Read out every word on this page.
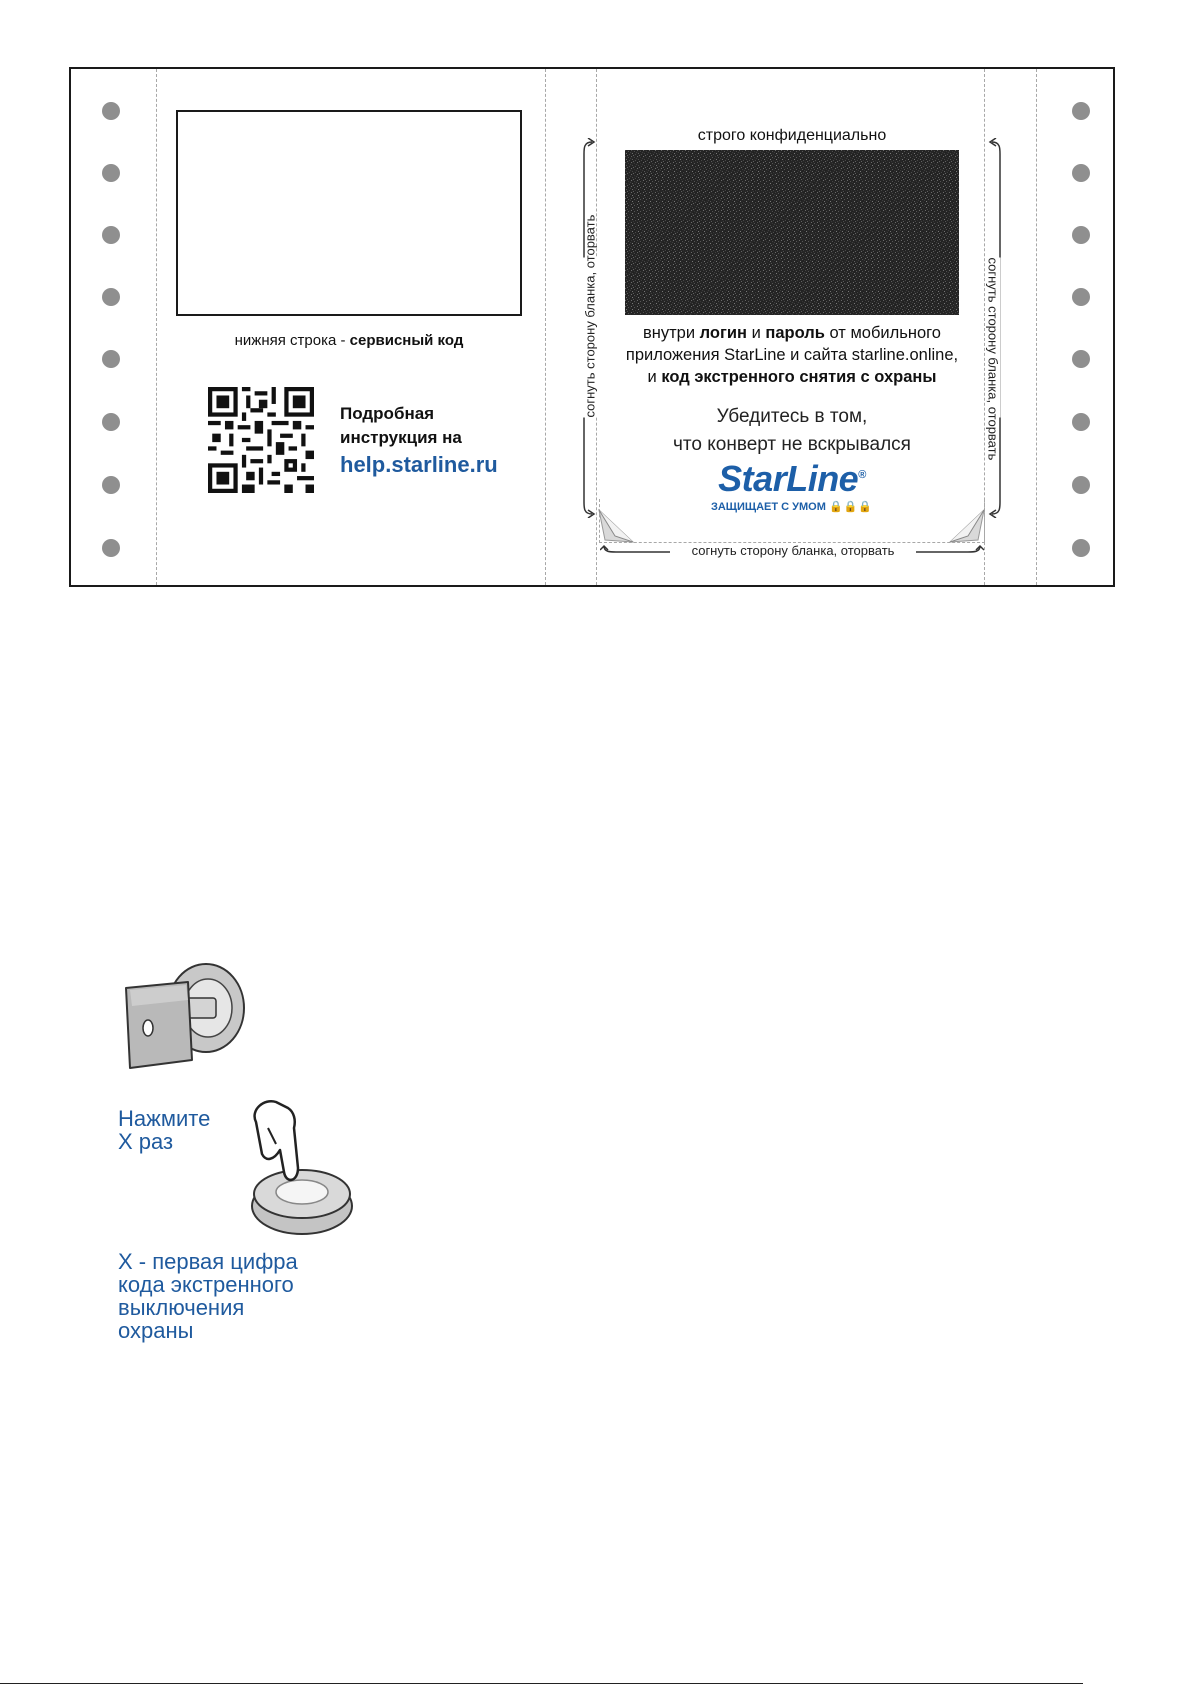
нижняя строка - сервисный код
Подробная
инструкция на
help.starline.ru
строго конфиденциально
внутри логин и пароль от мобильного
приложения StarLine и сайта starline.online,
и код экстренного снятия с охраны
Убедитесь в том,
что конверт не вскрывался
StarLine®
ЗАЩИЩАЕТ С УМОМ 🔒🔒🔒
согнуть сторону бланка, оторвать	согнуть сторону бланка, оторвать
согнуть сторону бланка, оторвать
Нажмите
X раз
X - первая цифра
кода экстренного
выключения
охраны
